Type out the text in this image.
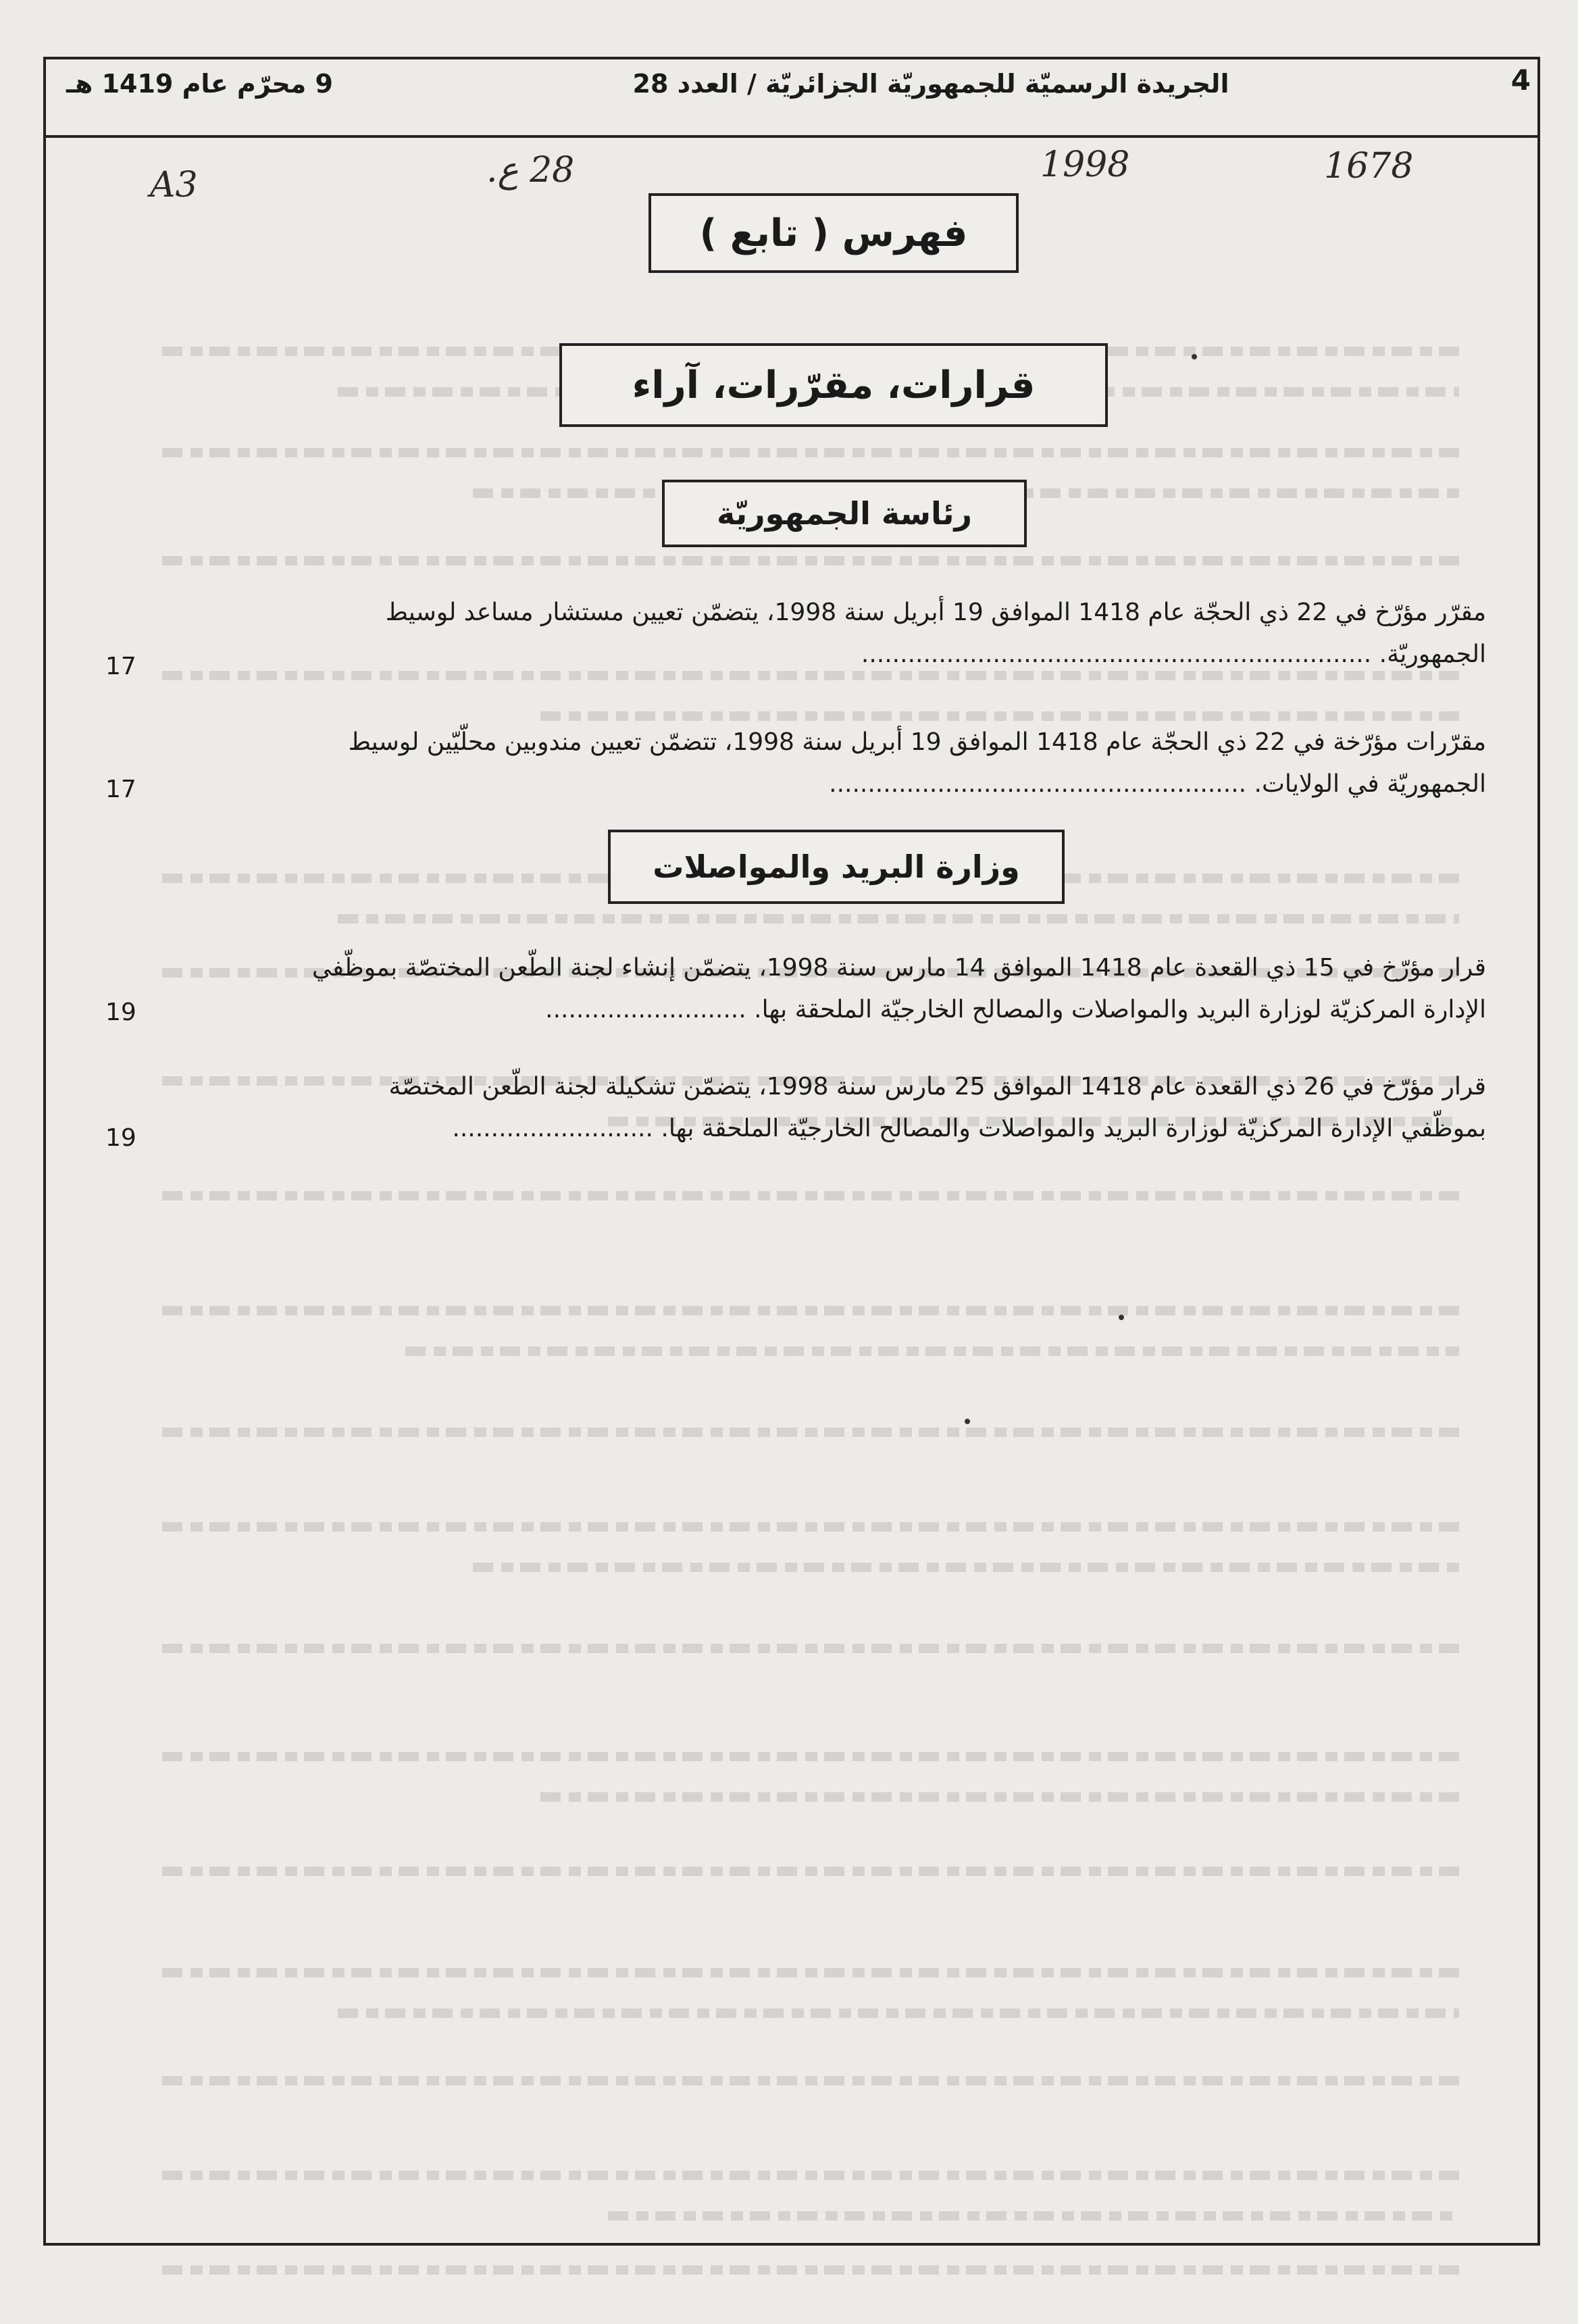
4
الجريدة الرسميّة للجمهوريّة الجزائريّة / العدد 28
9 محرّم عام 1419 هـ
A3	28 ع.	1998	1678
فهرس ( تابع )
قرارات، مقرّرات، آراء
رئاسة الجمهوريّة
مقرّر مؤرّخ في 22 ذي الحجّة عام 1418 الموافق 19 أبريل سنة 1998، يتضمّن تعيين مستشار مساعد لوسيط
الجمهوريّة. ..................................................................
17
مقرّرات مؤرّخة في 22 ذي الحجّة عام 1418 الموافق 19 أبريل سنة 1998، تتضمّن تعيين مندوبين محلّيّين لوسيط
الجمهوريّة في الولايات. ......................................................
17
وزارة البريد والمواصلات
قرار مؤرّخ في 15 ذي القعدة عام 1418 الموافق 14 مارس سنة 1998، يتضمّن إنشاء لجنة الطّعن المختصّة بموظّفي
الإدارة المركزيّة لوزارة البريد والمواصلات والمصالح الخارجيّة الملحقة بها. ..........................
19
قرار مؤرّخ في 26 ذي القعدة عام 1418 الموافق 25 مارس سنة 1998، يتضمّن تشكيلة لجنة الطّعن المختصّة
بموظّفي الإدارة المركزيّة لوزارة البريد والمواصلات والمصالح الخارجيّة الملحقة بها. ..........................
19
